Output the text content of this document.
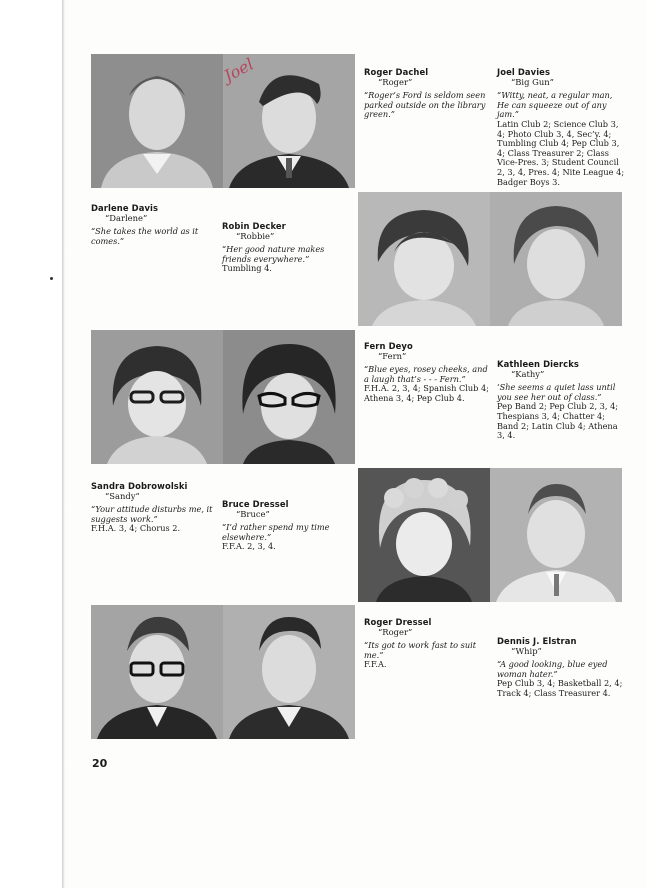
Joel	Roger Dachel
“Roger”
“Roger’s Ford is seldom seen parked outside on the library green.”
Joel Davies
“Big Gun”
“Witty, neat, a regular man, He can squeeze out of any jam.”
Latin Club 2; Science Club 3, 4; Photo Club 3, 4, Sec’y. 4; Tumbling Club 4; Pep Club 3, 4; Class Treasurer 2; Class Vice-Pres. 3; Student Council 2, 3, 4, Pres. 4; Nite League 4; Badger Boys 3.
Darlene Davis
“Darlene”
“She takes the world as it comes.”
Robin Decker
“Robbie”
“Her good nature makes friends everywhere.”
Tumbling 4.
Fern Deyo
“Fern”
“Blue eyes, rosey cheeks, and a laugh that’s - - - Fern.”
F.H.A. 2, 3, 4; Spanish Club 4; Athena 3, 4; Pep Club 4.
Kathleen Diercks
“Kathy”
‘She seems a quiet lass until you see her out of class.”
Pep Band 2; Pep Club 2, 3, 4; Thespians 3, 4; Chatter 4; Band 2; Latin Club 4; Athena 3, 4.
Sandra Dobrowolski
“Sandy”
“Your attitude disturbs me, it suggests work.”
F.H.A. 3, 4; Chorus 2.
Bruce Dressel
“Bruce”
“I’d rather spend my time elsewhere.”
F.F.A. 2, 3, 4.
Roger Dressel
“Roger”
“Its got to work fast to suit me.”
F.F.A.
Dennis J. Elstran
“Whip”
“A good looking, blue eyed woman hater.”
Pep Club 3, 4; Basketball 2, 4; Track 4; Class Treasurer 4.
20
